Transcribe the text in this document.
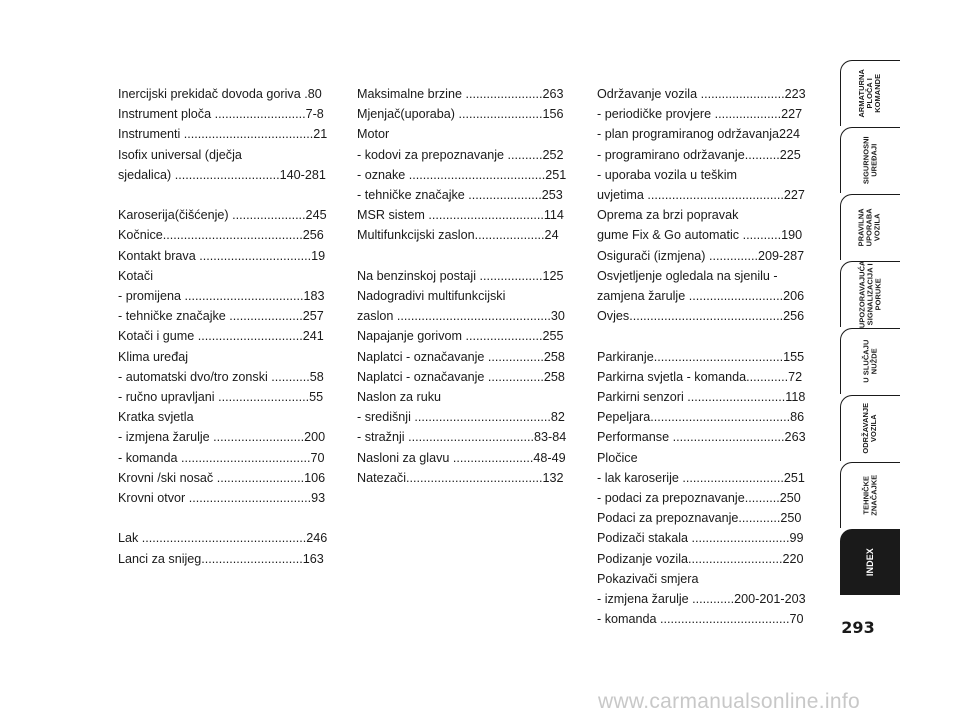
Inercijski prekidač dovoda goriva .80
Instrument ploča ..........................7-8
Instrumenti .....................................21
Isofix universal (dječja
sjedalica) ..............................140-281
Karoserija(čišćenje) .....................245
Kočnice........................................256
Kontakt brava ................................19
Kotači
- promijena ..................................183
- tehničke značajke .....................257
Kotači i gume ..............................241
Klima uređaj
- automatski dvo/tro zonski ...........58
- ručno upravljani ..........................55
Kratka svjetla
- izmjena žarulje ..........................200
- komanda .....................................70
Krovni /ski nosač .........................106
Krovni otvor ...................................93
Lak ...............................................246
Lanci za snijeg.............................163
Maksimalne brzine ......................263
Mjenjač(uporaba) ........................156
Motor
- kodovi za prepoznavanje ..........252
- oznake .......................................251
- tehničke značajke .....................253
MSR sistem .................................114
Multifunkcijski zaslon....................24
Na benzinskoj postaji ..................125
Nadogradivi multifunkcijski
zaslon ............................................30
Napajanje gorivom ......................255
Naplatci - označavanje ................258
Naplatci - označavanje ................258
Naslon za ruku
- središnji .......................................82
- stražnji ....................................83-84
Nasloni za glavu .......................48-49
Natezači.......................................132
Održavanje vozila ........................223
- periodičke provjere ...................227
- plan programiranog održavanja224
- programirano održavanje..........225
- uporaba vozila u teškim
uvjetima .......................................227
Oprema za brzi popravak
gume Fix & Go automatic ...........190
Osigurači (izmjena) ..............209-287
Osvjetljenje ogledala na sjenilu -
zamjena žarulje ...........................206
Ovjes............................................256
Parkiranje.....................................155
Parkirna svjetla - komanda............72
Parkirni senzori ............................118
Pepeljara........................................86
Performanse ................................263
Pločice
- lak karoserije .............................251
- podaci za prepoznavanje..........250
Podaci za prepoznavanje............250
Podizači stakala ............................99
Podizanje vozila...........................220
Pokazivači smjera
- izmjena žarulje ............200-201-203
- komanda .....................................70
ARMATURNA
PLOČA I
KOMANDE
SIGURNOSNI
UREĐAJI
PRAVILNA
UPORABA
VOZILA
UPOZORAVAJUĆA
SIGNALIZACIJA I
PORUKE
U SLUČAJU
NUŽDE
ODRŽAVANJE
VOZILA
TEHNIČKE
ZNAČAJKE
INDEX
293
www.carmanualsonline.info
